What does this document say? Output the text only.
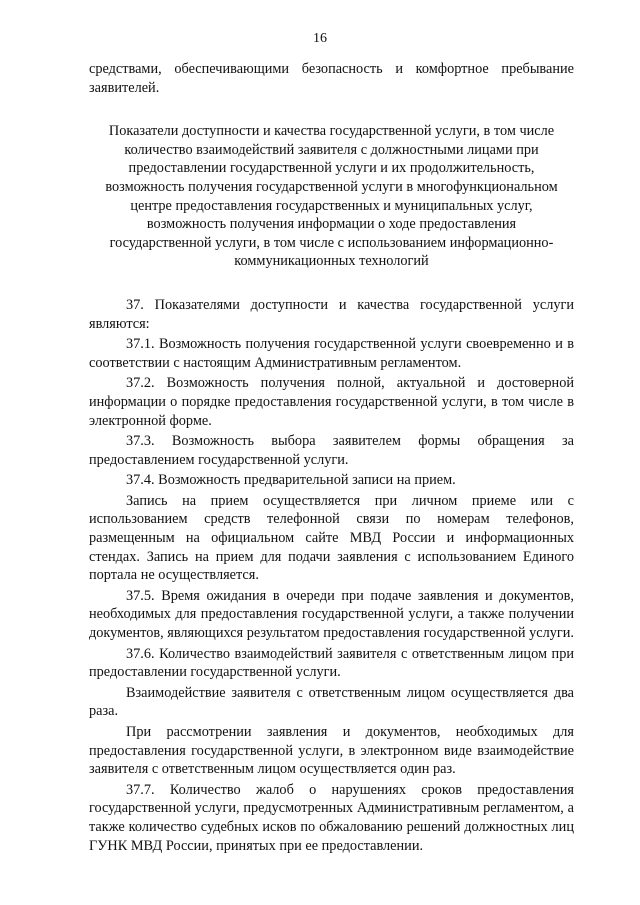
16

средствами, обеспечивающими безопасность и комфортное пребывание заявителей.

Показатели доступности и качества государственной услуги, в том числе количество взаимодействий заявителя с должностными лицами при предоставлении государственной услуги и их продолжительность, возможность получения государственной услуги в многофункциональном центре предоставления государственных и муниципальных услуг, возможность получения информации о ходе предоставления государственной услуги, в том числе с использованием информационно-коммуникационных технологий

37. Показателями доступности и качества государственной услуги являются:

37.1. Возможность получения государственной услуги своевременно и в соответствии с настоящим Административным регламентом.

37.2. Возможность получения полной, актуальной и достоверной информации о порядке предоставления государственной услуги, в том числе в электронной форме.

37.3. Возможность выбора заявителем формы обращения за предоставлением государственной услуги.

37.4. Возможность предварительной записи на прием.

Запись на прием осуществляется при личном приеме или с использованием средств телефонной связи по номерам телефонов, размещенным на официальном сайте МВД России и информационных стендах. Запись на прием для подачи заявления с использованием Единого портала не осуществляется.

37.5. Время ожидания в очереди при подаче заявления и документов, необходимых для предоставления государственной услуги, а также получении документов, являющихся результатом предоставления государственной услуги.

37.6. Количество взаимодействий заявителя с ответственным лицом при предоставлении государственной услуги.

Взаимодействие заявителя с ответственным лицом осуществляется два раза.

При рассмотрении заявления и документов, необходимых для предоставления государственной услуги, в электронном виде взаимодействие заявителя с ответственным лицом осуществляется один раз.

37.7. Количество жалоб о нарушениях сроков предоставления государственной услуги, предусмотренных Административным регламентом, а также количество судебных исков по обжалованию решений должностных лиц ГУНК МВД России, принятых при ее предоставлении.
